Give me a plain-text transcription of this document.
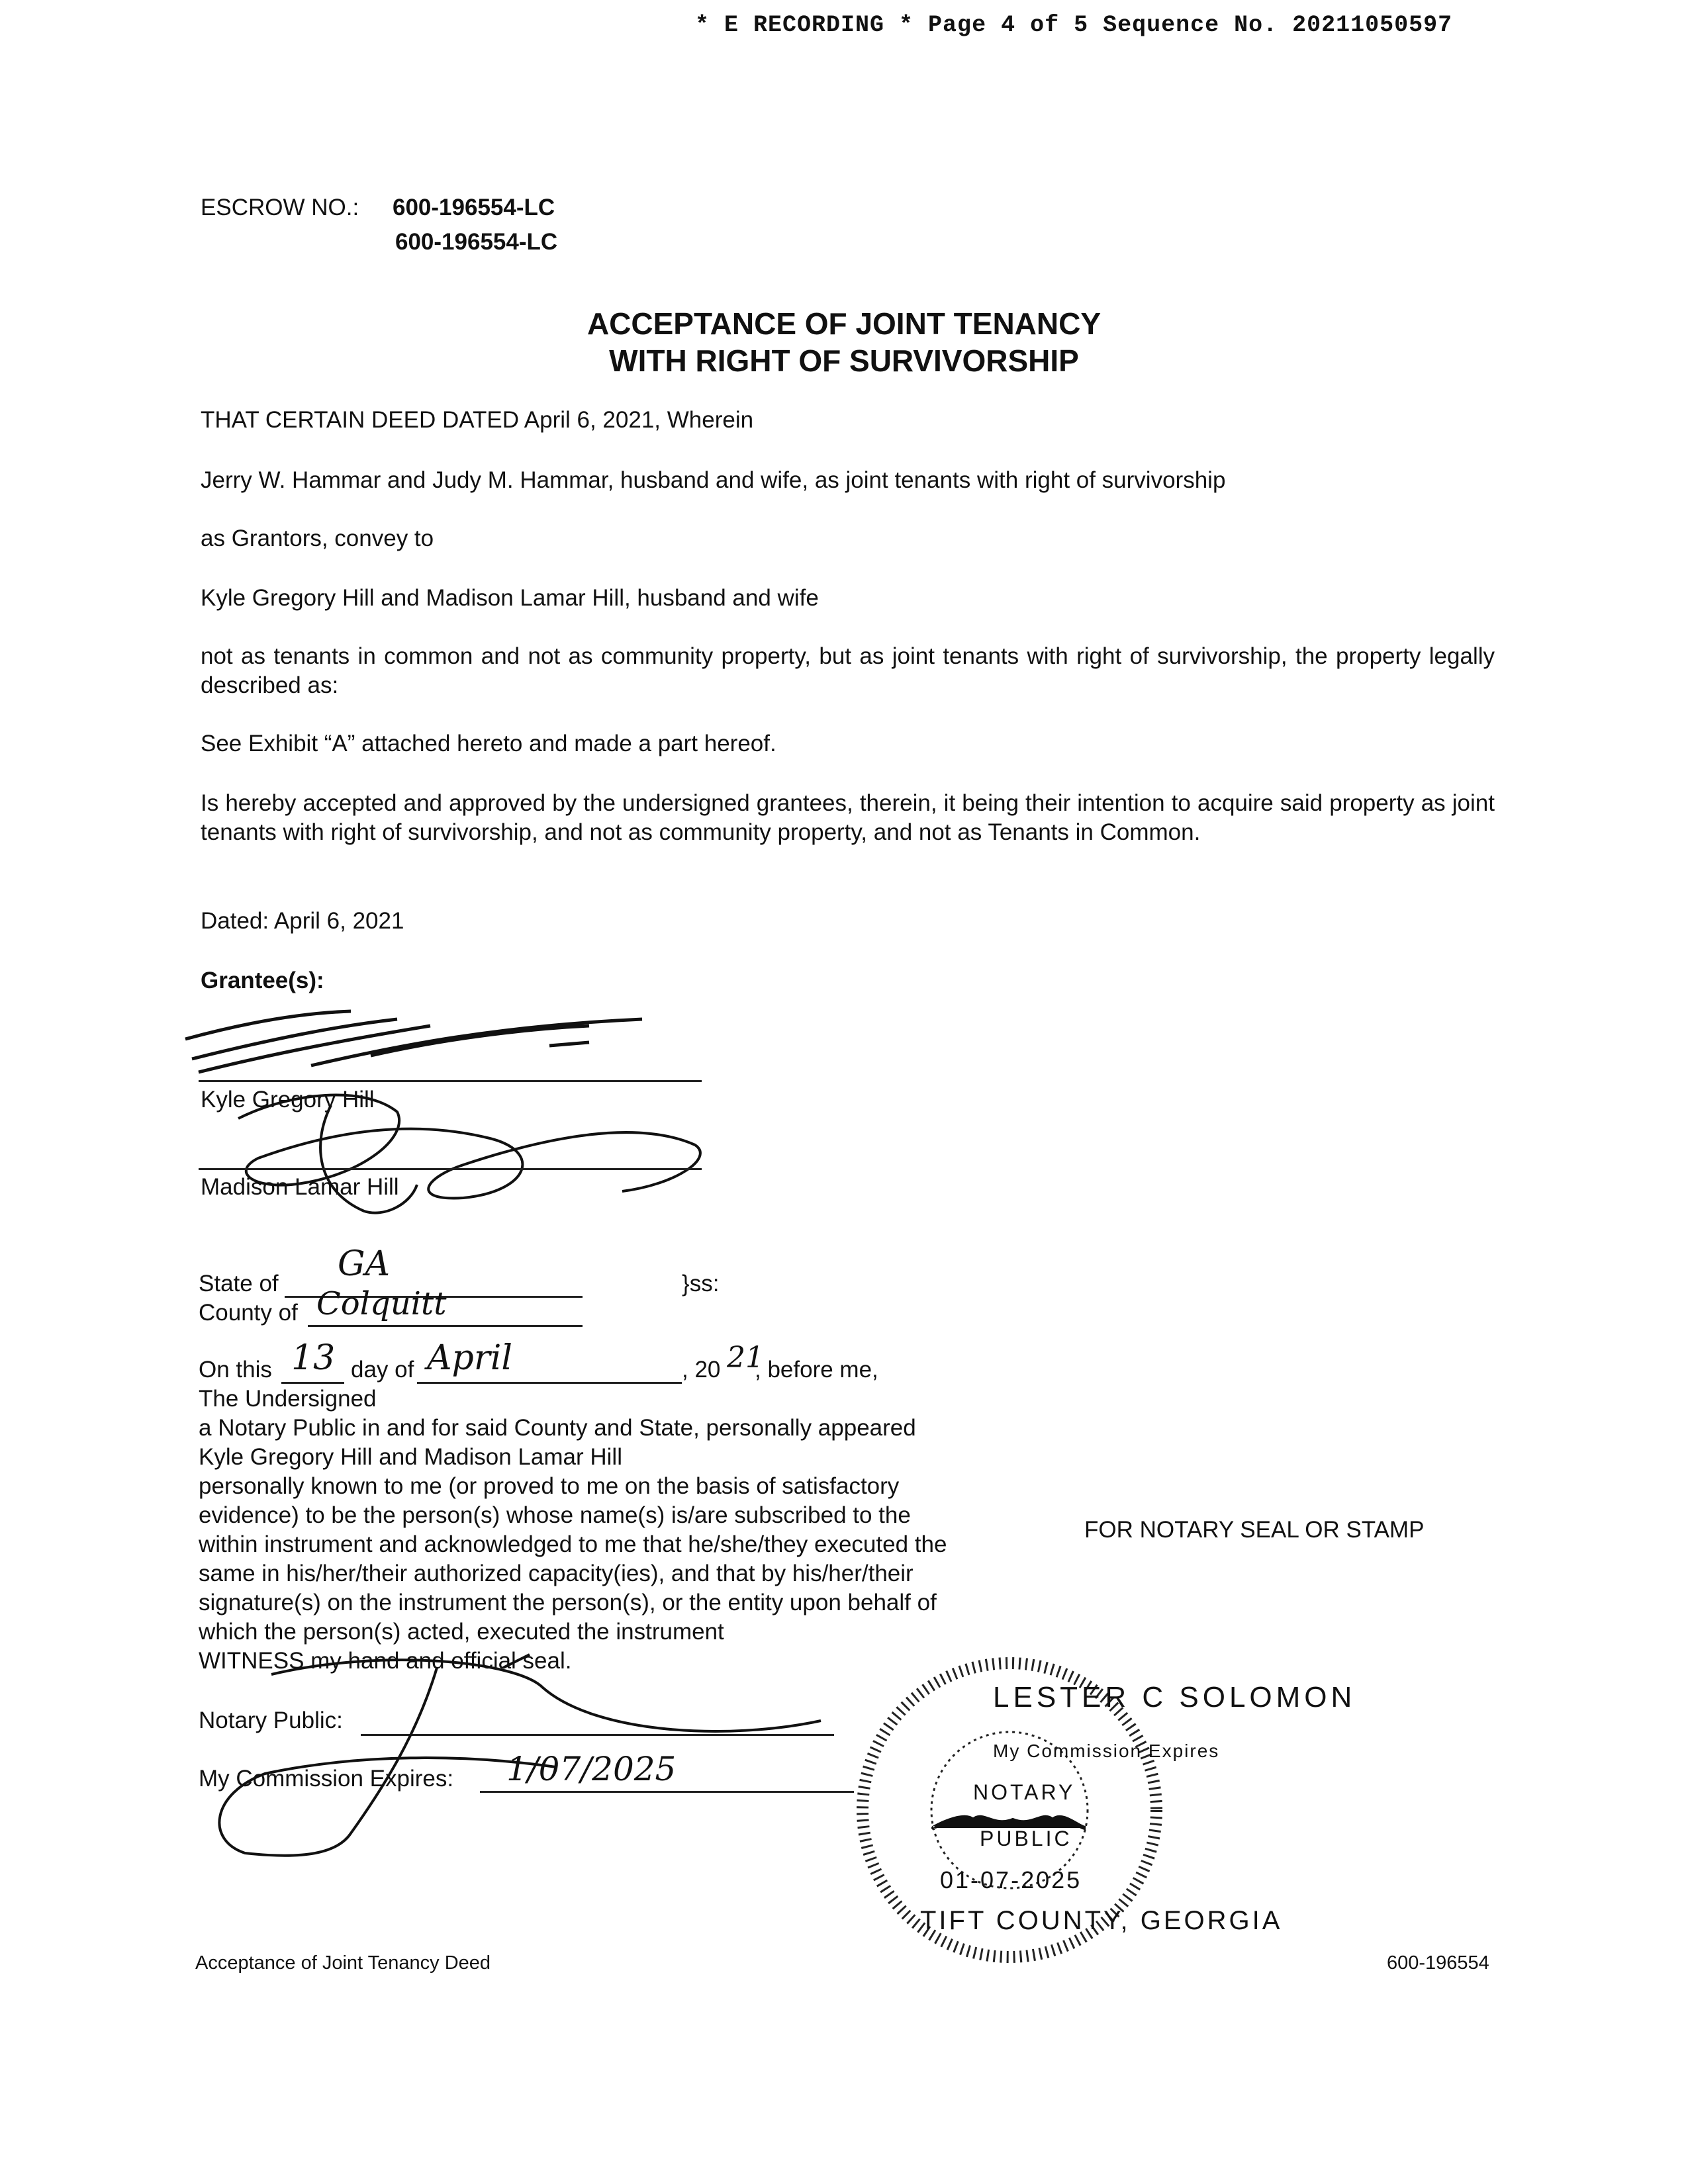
* E RECORDING * Page 4 of 5 Sequence No. 20211050597
ESCROW NO.: 600-196554-LC
600-196554-LC
ACCEPTANCE OF JOINT TENANCY
WITH RIGHT OF SURVIVORSHIP
THAT CERTAIN DEED DATED April 6, 2021, Wherein
Jerry W. Hammar and Judy M. Hammar, husband and wife, as joint tenants with right of survivorship
as Grantors, convey to
Kyle Gregory Hill and Madison Lamar Hill, husband and wife
not as tenants in common and not as community property, but as joint tenants with right of survivorship, the property legally described as:
See Exhibit “A” attached hereto and made a part hereof.
Is hereby accepted and approved by the undersigned grantees, therein, it being their intention to acquire said property as joint tenants with right of survivorship, and not as community property, and not as Tenants in Common.
Dated: April 6, 2021
Grantee(s):
Kyle Gregory Hill
Madison Lamar Hill
State of GA	}ss:
County of Colquitt
On this 13 day of April	, 20 21
, before me,
The Undersigned
a Notary Public in and for said County and State, personally appeared
Kyle Gregory Hill and Madison Lamar Hill
personally known to me (or proved to me on the basis of satisfactory
evidence) to be the person(s) whose name(s) is/are subscribed to the
within instrument and acknowledged to me that he/she/they executed the
same in his/her/their authorized capacity(ies), and that by his/her/their
signature(s) on the instrument the person(s), or the entity upon behalf of
which the person(s) acted, executed the instrument
WITNESS my hand and official seal.
FOR NOTARY SEAL OR STAMP
Notary Public:
My Commission Expires: 1/07/2025
LESTER C SOLOMON
My Commission Expires
NOTARY
PUBLIC
01-07-2025
TIFT COUNTY, GEORGIA
Acceptance of Joint Tenancy Deed	600-196554
